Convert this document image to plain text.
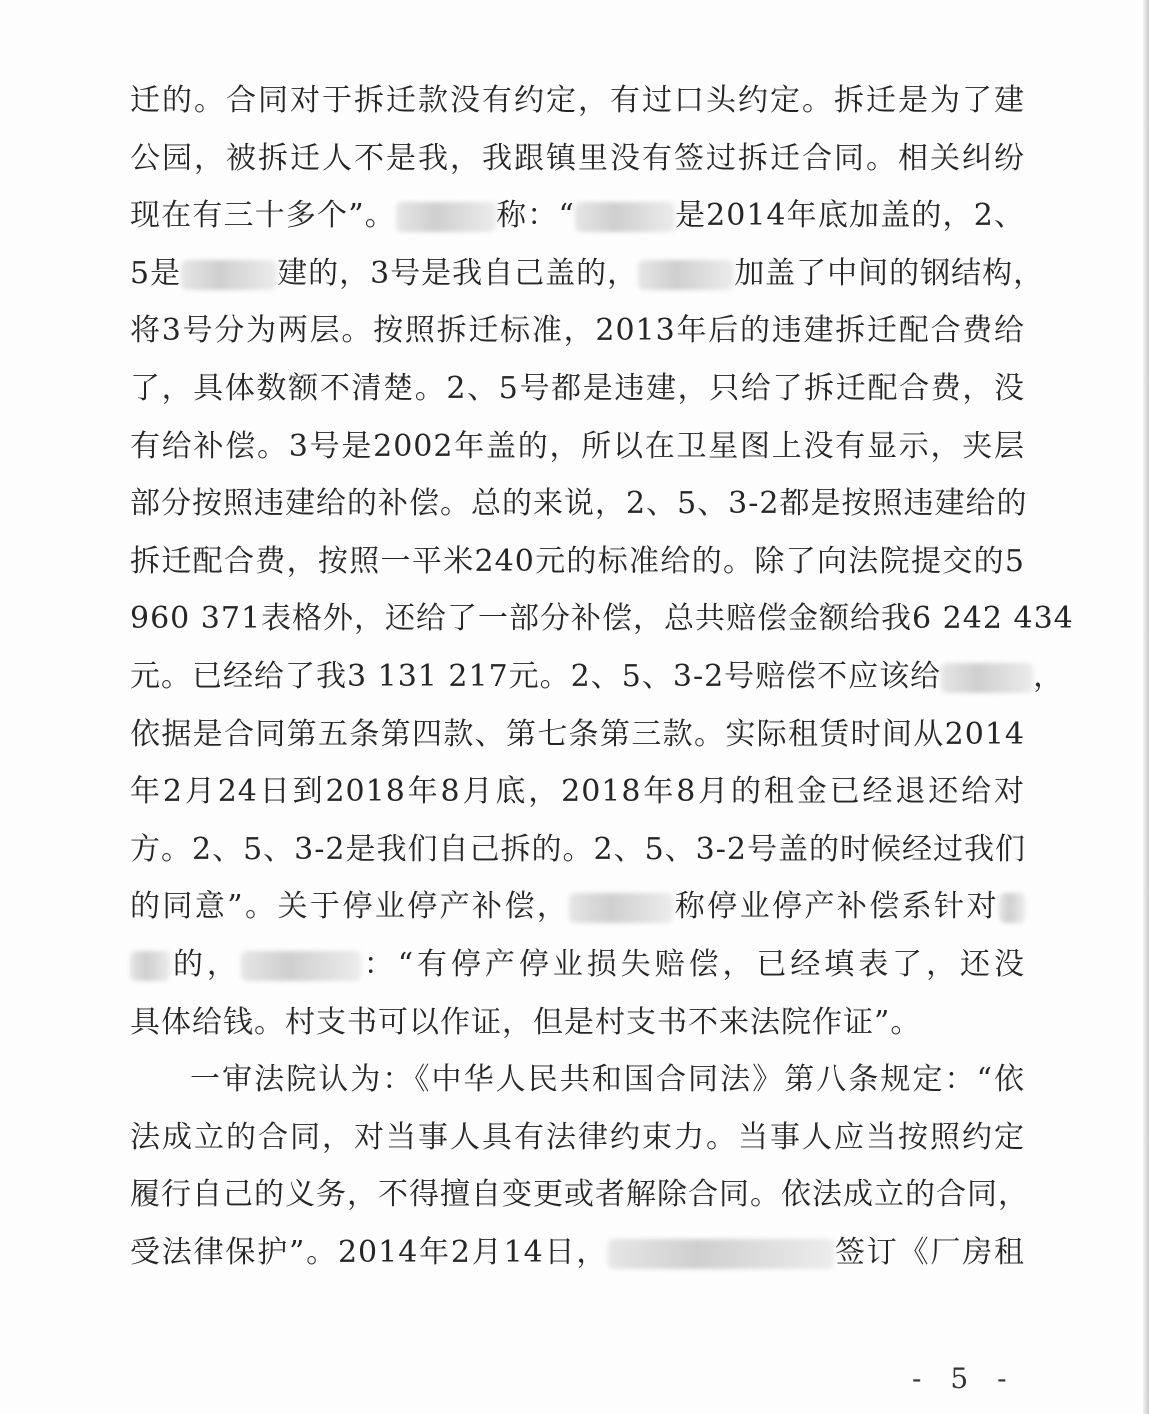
迁的。合同对于拆迁款没有约定，有过口头约定。拆迁是为了建
公园，被拆迁人不是我，我跟镇里没有签过拆迁合同。相关纠纷
现在有三十多个”。	称：“	是2014年底加盖的，2、
5是	建的，3号是我自己盖的，	加盖了中间的钢结构，
将3号分为两层。按照拆迁标准，2013年后的违建拆迁配合费给
了，具体数额不清楚。2、5号都是违建，只给了拆迁配合费，没
有给补偿。3号是2002年盖的，所以在卫星图上没有显示，夹层
部分按照违建给的补偿。总的来说，2、5、3-2都是按照违建给的
拆迁配合费，按照一平米240元的标准给的。除了向法院提交的5
960 371表格外，还给了一部分补偿，总共赔偿金额给我6 242 434
元。已经给了我3 131 217元。2、5、3-2号赔偿不应该给	，
依据是合同第五条第四款、第七条第三款。实际租赁时间从2014
年2月24日到2018年8月底，2018年8月的租金已经退还给对
方。2、5、3-2是我们自己拆的。2、5、3-2号盖的时候经过我们
的同意”。关于停业停产补偿，	称停业停产补偿系针对
的，	：“有停产停业损失赔偿，已经填表了，还没
具体给钱。村支书可以作证，但是村支书不来法院作证”。
一审法院认为：《中华人民共和国合同法》第八条规定：“依
法成立的合同，对当事人具有法律约束力。当事人应当按照约定
履行自己的义务，不得擅自变更或者解除合同。依法成立的合同，
受法律保护”。2014年2月14日，	签订《厂房租
- 5 -
